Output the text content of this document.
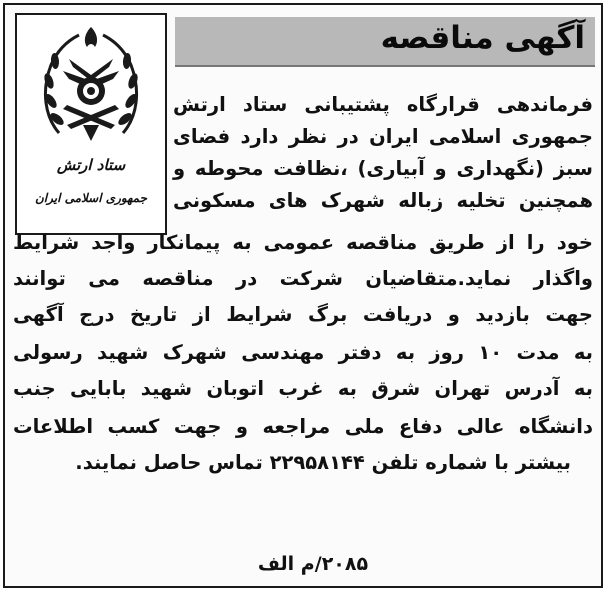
ستاد ارتش
جمهوری اسلامی ایران
آگهی مناقصه
فرماندهی قرارگاه پشتیبانی ستاد ارتش
جمهوری اسلامی ایران در نظر دارد فضای
سبز (نگهداری و آبیاری) ،نظافت محوطه و
همچنین تخلیه زباله شهرک های مسکونی
خود را از طریق مناقصه عمومی به پیمانکار واجد شرایط
واگذار نماید.متقاضیان شرکت در مناقصه می توانند
جهت بازدید و دریافت برگ شرایط از تاریخ درج آگهی
به مدت ۱۰ روز به دفتر مهندسی شهرک شهید رسولی
به آدرس تهران شرق به غرب اتوبان شهید بابایی جنب
دانشگاه عالی دفاع ملی مراجعه و جهت کسب اطلاعات
بیشتر با شماره تلفن ۲۲۹۵۸۱۴۴ تماس حاصل نمایند.
۲۰۸۵/م الف
